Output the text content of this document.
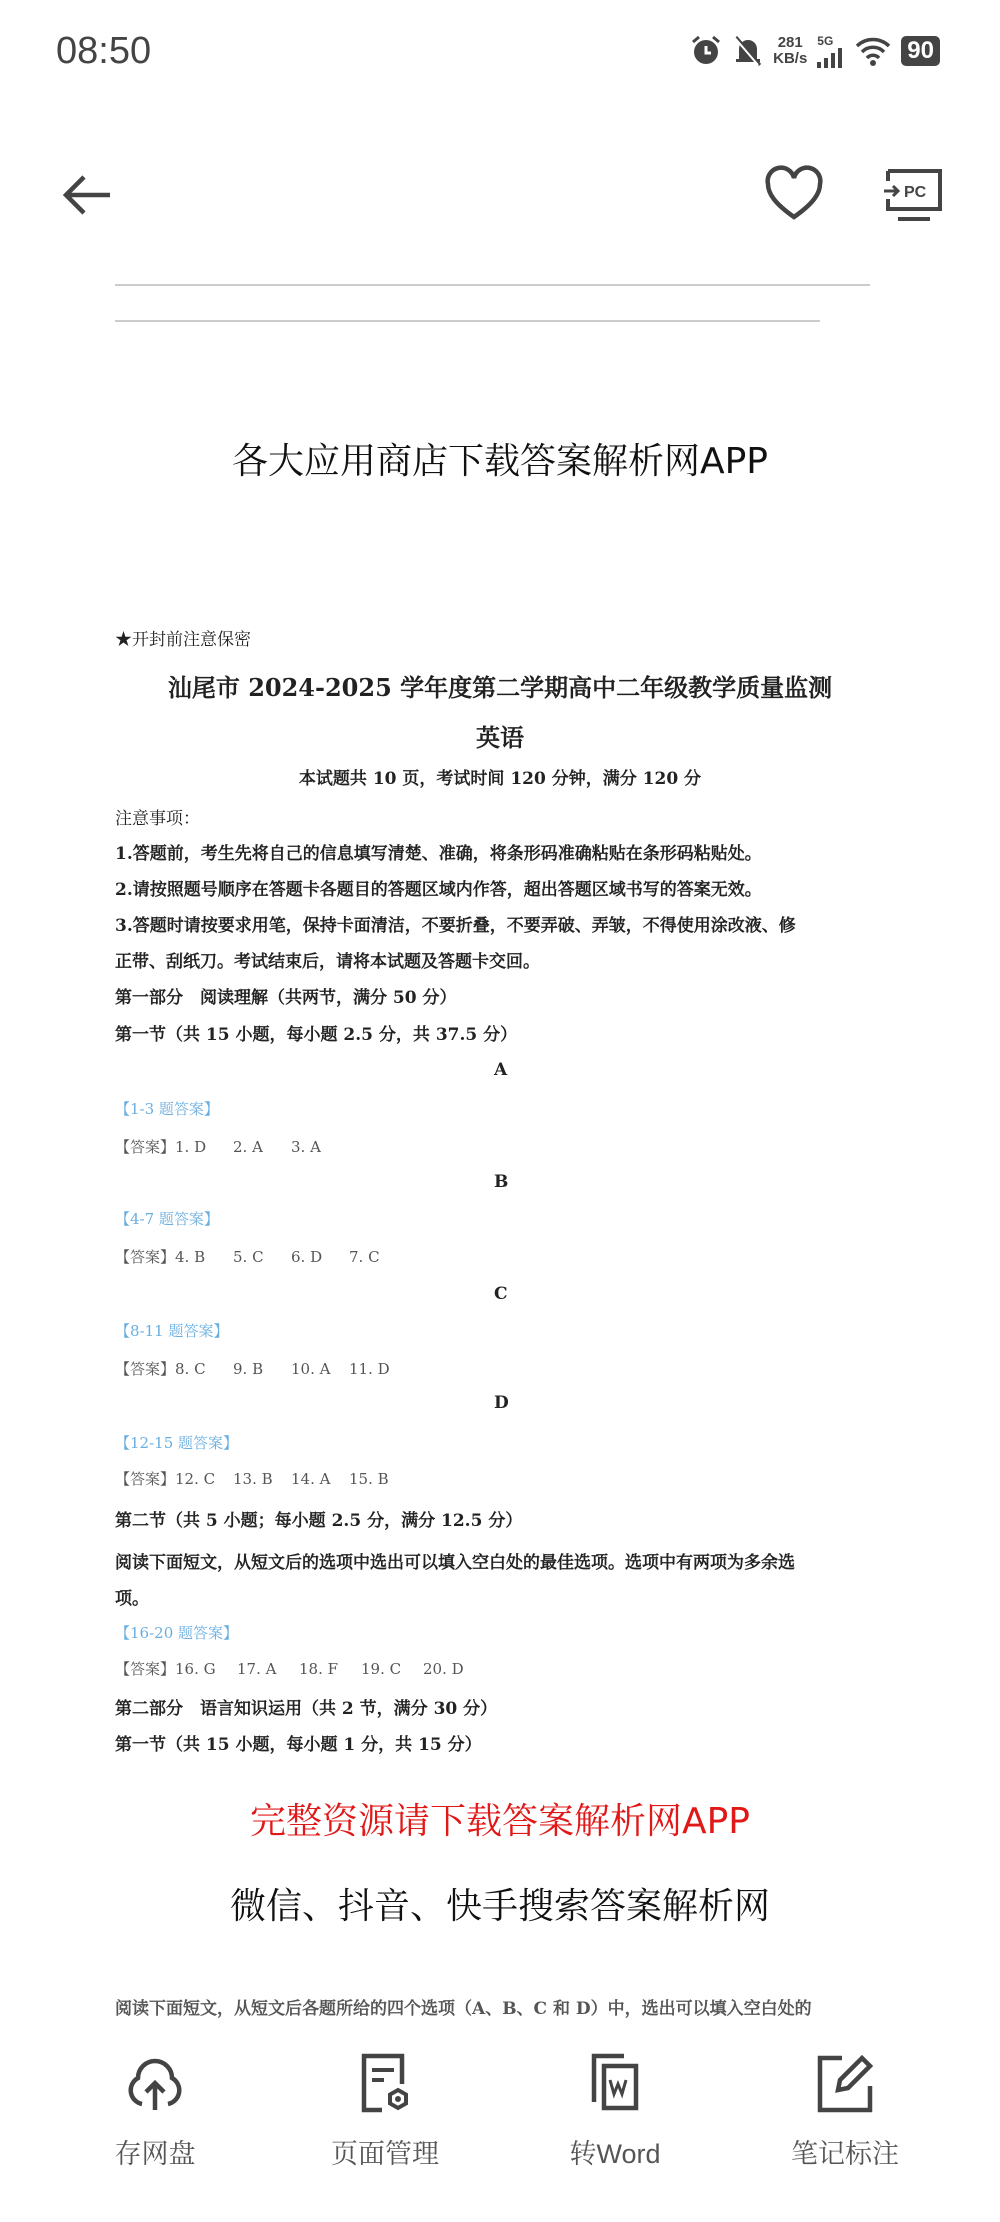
08:50	281
KB/s
5G	90
PC
各大应用商店下载答案解析网APP
★开封前注意保密
汕尾市 2024-2025 学年度第二学期高中二年级教学质量监测
英语
本试题共 10 页，考试时间 120 分钟，满分 120 分
注意事项：
1.答题前，考生先将自己的信息填写清楚、准确，将条形码准确粘贴在条形码粘贴处。
2.请按照题号顺序在答题卡各题目的答题区域内作答，超出答题区域书写的答案无效。
3.答题时请按要求用笔，保持卡面清洁，不要折叠，不要弄破、弄皱，不得使用涂改液、修
正带、刮纸刀。考试结束后，请将本试题及答题卡交回。
第一部分　阅读理解（共两节，满分 50 分）
第一节（共 15 小题，每小题 2.5 分，共 37.5 分）
A
【1-3 题答案】
【答案】1. D 2. A 3. A
B
【4-7 题答案】
【答案】4. B 5. C 6. D 7. C
C
【8-11 题答案】
【答案】8. C 9. B 10. A 11. D
D
【12-15 题答案】
【答案】12. C 13. B 14. A 15. B
第二节（共 5 小题；每小题 2.5 分，满分 12.5 分）
阅读下面短文，从短文后的选项中选出可以填入空白处的最佳选项。选项中有两项为多余选
项。
【16-20 题答案】
【答案】16. G 17. A 18. F 19. C 20. D
第二部分　语言知识运用（共 2 节，满分 30 分）
第一节（共 15 小题，每小题 1 分，共 15 分）
完整资源请下载答案解析网APP
微信、抖音、快手搜索答案解析网
阅读下面短文，从短文后各题所给的四个选项（A、B、C 和 D）中，选出可以填入空白处的
存网盘	页面管理	转Word	笔记标注
